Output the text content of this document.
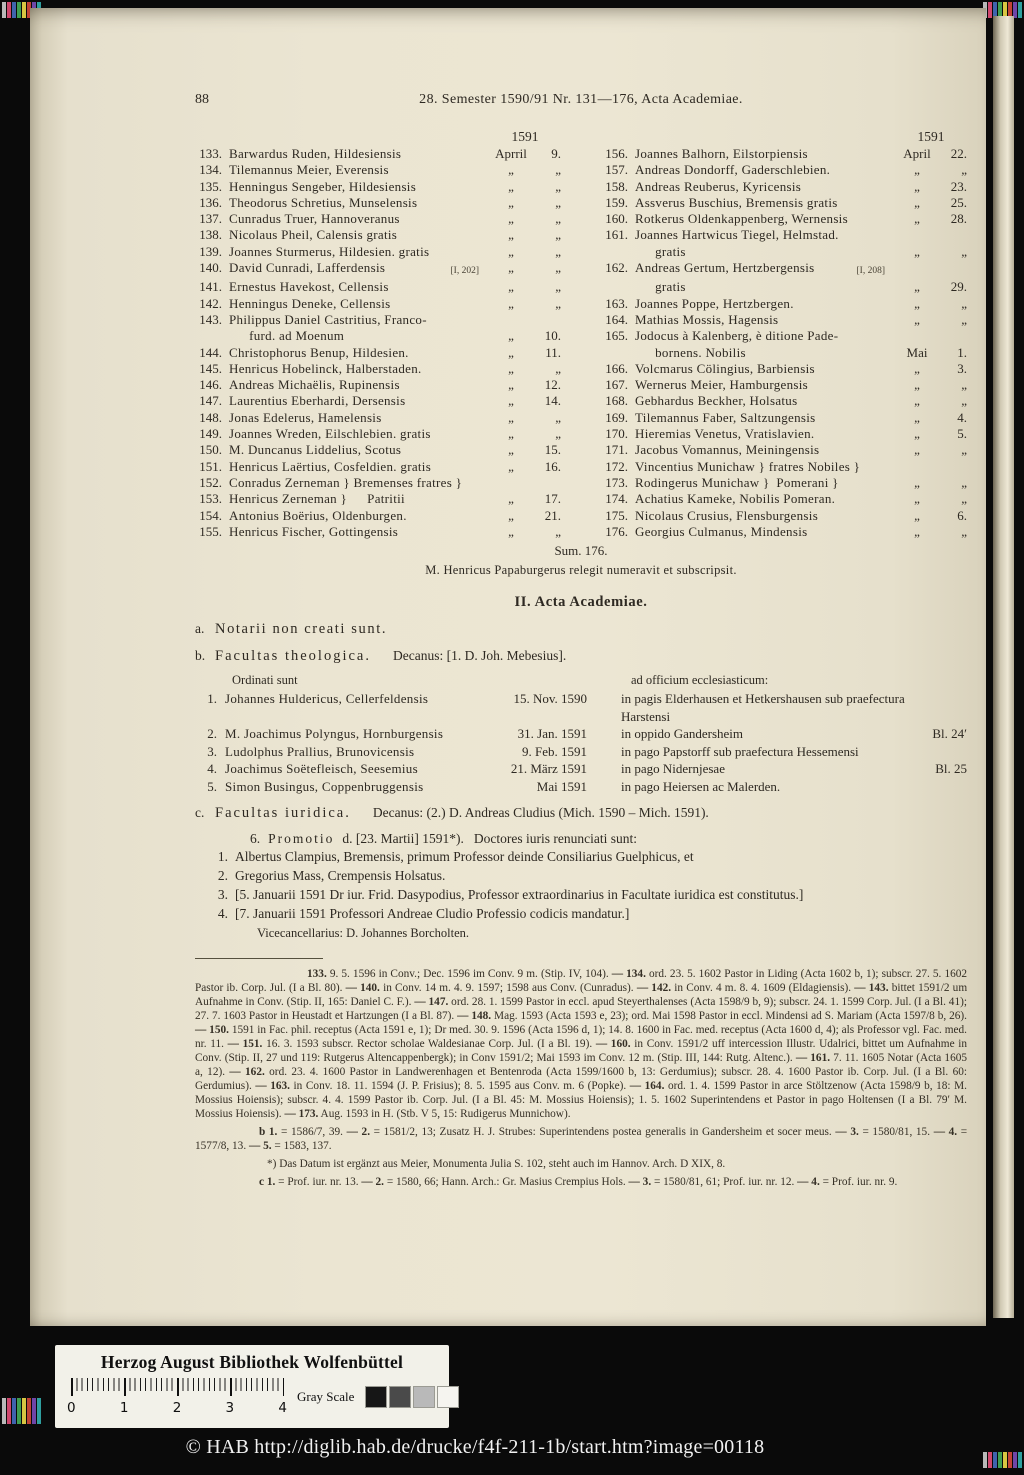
88	28. Semester 1590/91 Nr. 131—176, Acta Academiae.
1591
133. Barwardus Ruden, Hildesiensis	Aprril	9.
134. Tilemannus Meier, Everensis	„	„
135. Henningus Sengeber, Hildesiensis	„	„
136. Theodorus Schretius, Munselensis	„	„
137. Cunradus Truer, Hannoveranus	„	„
138. Nicolaus Pheil, Calensis gratis	„	„
139. Joannes Sturmerus, Hildesien. gratis	„	„
140. David Cunradi, Lafferdensis	[I, 202]	„	„
141. Ernestus Havekost, Cellensis	„	„
142. Henningus Deneke, Cellensis	„	„
143. Philippus Daniel Castritius, Franco-
  furd. ad Moenum	„	10.
144. Christophorus Benup, Hildesien.	„	11.
145. Henricus Hobelinck, Halberstaden.	„	„
146. Andreas Michaëlis, Rupinensis	„	12.
147. Laurentius Eberhardi, Dersensis	„	14.
148. Jonas Edelerus, Hamelensis	„	„
149. Joannes Wreden, Eilschlebien. gratis	„	„
150. M. Duncanus Liddelius, Scotus	„	15.
151. Henricus Laërtius, Cosfeldien. gratis	„	16.
152. Conradus Zerneman } Bremenses fratres }
153. Henricus Zerneman }  Patritii	„	17.
154. Antonius Boërius, Oldenburgen.	„	21.
155. Henricus Fischer, Gottingensis	„	„
1591
156. Joannes Balhorn, Eilstorpiensis	April	22.
157. Andreas Dondorff, Gaderschlebien.	„	„
158. Andreas Reuberus, Kyricensis	„	23.
159. Assverus Buschius, Bremensis gratis	„	25.
160. Rotkerus Oldenkappenberg, Wernensis	„	28.
161. Joannes Hartwicus Tiegel, Helmstad.
  gratis	„	„
162. Andreas Gertum, Hertzbergensis	[I, 208]
  gratis	„	29.
163. Joannes Poppe, Hertzbergen.	„	„
164. Mathias Mossis, Hagensis	„	„
165. Jodocus à Kalenberg, è ditione Pade-
  bornens. Nobilis	Mai	1.
166. Volcmarus Cölingius, Barbiensis	„	3.
167. Wernerus Meier, Hamburgensis	„	„
168. Gebhardus Beckher, Holsatus	„	„
169. Tilemannus Faber, Saltzungensis	„	4.
170. Hieremias Venetus, Vratislavien.	„	5.
171. Jacobus Vomannus, Meiningensis	„	„
172. Vincentius Munichaw } fratres Nobiles }
173. Rodingerus Munichaw } Pomerani }	„	„
174. Achatius Kameke, Nobilis Pomeran.	„	„
175. Nicolaus Crusius, Flensburgensis	„	6.
176. Georgius Culmanus, Mindensis	„	„
Sum. 176.
M. Henricus Papaburgerus relegit numeravit et subscripsit.
II. Acta Academiae.
a. Notarii non creati sunt.
b. Facultas theologica. Decanus: [1. D. Joh. Mebesius].
Ordinati sunt	ad officium ecclesiasticum:
1. Johannes Huldericus, Cellerfeldensis	15. Nov. 1590	in pagis Elderhausen et Hetkershausen sub praefectura Harstensi
2. M. Joachimus Polyngus, Hornburgensis	31. Jan. 1591	in oppido Gandersheim	Bl. 24′
3. Ludolphus Prallius, Brunovicensis	9. Feb. 1591	in pago Papstorff sub praefectura Hessemensi
4. Joachimus Soëtefleisch, Seesemius	21. März 1591	in pago Nidernjesae	Bl. 25
5. Simon Busingus, Coppenbruggensis	Mai 1591	in pago Heiersen ac Malerden.
c. Facultas iuridica. Decanus: (2.) D. Andreas Cludius (Mich. 1590 – Mich. 1591).
6. Promotio d. [23. Martii] 1591*). Doctores iuris renunciati sunt:
1. Albertus Clampius, Bremensis, primum Professor deinde Consiliarius Guelphicus, et
2. Gregorius Mass, Crempensis Holsatus.
3. [5. Januarii 1591 Dr iur. Frid. Dasypodius, Professor extraordinarius in Facultate iuridica est constitutus.]
4. [7. Januarii 1591 Professori Andreae Cludio Professio codicis mandatur.]
Vicecancellarius: D. Johannes Borcholten.

133. 9. 5. 1596 in Conv.; Dec. 1596 im Conv. 9 m. (Stip. IV, 104). — 134. ord. 23. 5. 1602 Pastor in Liding (Acta 1602 b, 1); subscr. 27. 5. 1602 Pastor ib. Corp. Jul. (I a Bl. 80). — 140. in Conv. 14 m. 4. 9. 1597; 1598 aus Conv. (Cunradus). — 142. in Conv. 4 m. 8. 4. 1609 (Eldagiensis). — 143. bittet 1591/2 um Aufnahme in Conv. (Stip. II, 165: Daniel C. F.). — 147. ord. 28. 1. 1599 Pastor in eccl. apud Steyerthalenses (Acta 1598/9 b, 9); subscr. 24. 1. 1599 Corp. Jul. (I a Bl. 41); 27. 7. 1603 Pastor in Heustadt et Hartzungen (I a Bl. 87). — 148. Mag. 1593 (Acta 1593 e, 23); ord. Mai 1598 Pastor in eccl. Mindensi ad S. Mariam (Acta 1597/8 b, 26). — 150. 1591 in Fac. phil. receptus (Acta 1591 e, 1); Dr med. 30. 9. 1596 (Acta 1596 d, 1); 14. 8. 1600 in Fac. med. receptus (Acta 1600 d, 4); als Professor vgl. Fac. med. nr. 11. — 151. 16. 3. 1593 subscr. Rector scholae Waldesianae Corp. Jul. (I a Bl. 19). — 160. in Conv. 1591/2 uff intercession Illustr. Udalrici, bittet um Aufnahme in Conv. (Stip. II, 27 und 119: Rutgerus Altencappenbergk); in Conv 1591/2; Mai 1593 im Conv. 12 m. (Stip. III, 144: Rutg. Altenc.). — 161. 7. 11. 1605 Notar (Acta 1605 a, 12). — 162. ord. 23. 4. 1600 Pastor in Landwerenhagen et Bentenroda (Acta 1599/1600 b, 13: Gerdumius); subscr. 28. 4. 1600 Pastor ib. Corp. Jul. (I a Bl. 60: Gerdumius). — 163. in Conv. 18. 11. 1594 (J. P. Frisius); 8. 5. 1595 aus Conv. m. 6 (Popke). — 164. ord. 1. 4. 1599 Pastor in arce Stöltzenow (Acta 1598/9 b, 18: M. Mossius Hoiensis); subscr. 4. 4. 1599 Pastor ib. Corp. Jul. (I a Bl. 45: M. Mossius Hoiensis); 1. 5. 1602 Superintendens et Pastor in pago Holtensen (I a Bl. 79′ M. Mossius Hoiensis). — 173. Aug. 1593 in H. (Stb. V 5, 15: Rudigerus Munnichow).

b 1. = 1586/7, 39. — 2. = 1581/2, 13; Zusatz H. J. Strubes: Superintendens postea generalis in Gandersheim et socer meus. — 3. = 1580/81, 15. — 4. = 1577/8, 13. — 5. = 1583, 137.

*) Das Datum ist ergänzt aus Meier, Monumenta Julia S. 102, steht auch im Hannov. Arch. D XIX, 8.

c 1. = Prof. iur. nr. 13. — 2. = 1580, 66; Hann. Arch.: Gr. Masius Crempius Hols. — 3. = 1580/81, 61; Prof. iur. nr. 12. — 4. = Prof. iur. nr. 9.

Herzog August Bibliothek Wolfenbüttel
0	1	2	3	4
Gray Scale
© HAB http://diglib.hab.de/drucke/f4f-211-1b/start.htm?image=00118
